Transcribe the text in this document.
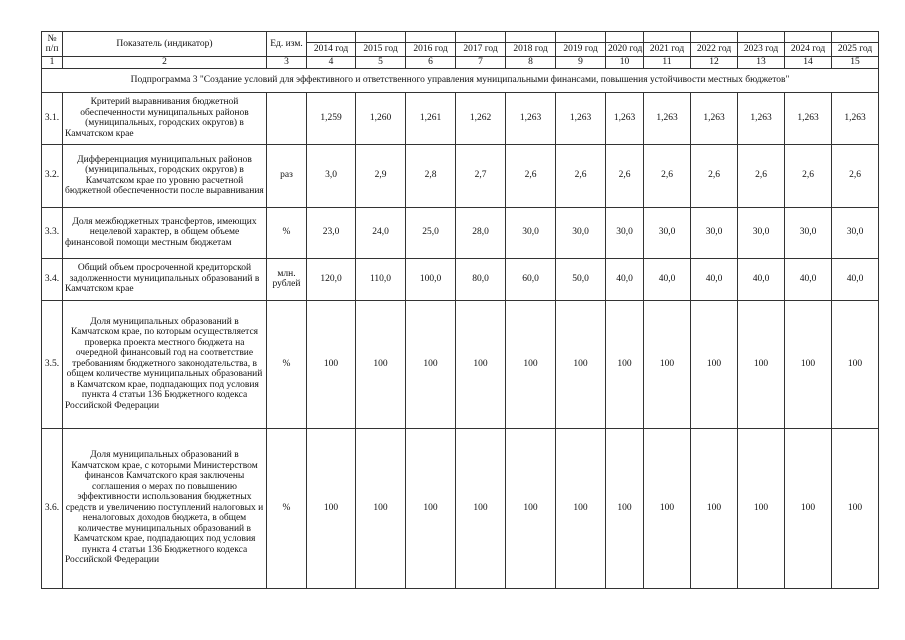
№ п/п	Показатель (индикатор)	Ед. изм.												
			2014 год	2015 год	2016 год	2017 год	2018 год	2019 год	2020 год	2021 год	2022 год	2023 год	2024 год	2025 год
1	2	3	4	5	6	7	8	9	10	11	12	13	14	15
Подпрограмма 3 "Создание условий для эффективного и ответственного управления муниципальными финансами, повышения устойчивости местных бюджетов"														
3.1.	Критерий выравнивания бюджетной обеспеченности муниципальных районов (муниципальных, городских округов) в Камчатском крае		1,259	1,260	1,261	1,262	1,263	1,263	1,263	1,263	1,263	1,263	1,263	1,263
3.2.	Дифференциация муниципальных районов (муниципальных, городских округов) в Камчатском крае по уровню расчетной бюджетной обеспеченности после выравнивания	раз	3,0	2,9	2,8	2,7	2,6	2,6	2,6	2,6	2,6	2,6	2,6	2,6
3.3.	Доля межбюджетных трансфертов, имеющих нецелевой характер, в общем объеме финансовой помощи местным бюджетам	%	23,0	24,0	25,0	28,0	30,0	30,0	30,0	30,0	30,0	30,0	30,0	30,0
3.4.	Общий объем просроченной кредиторской задолженности муниципальных образований в Камчатском крае	млн. рублей	120,0	110,0	100,0	80,0	60,0	50,0	40,0	40,0	40,0	40,0	40,0	40,0
3.5.	Доля муниципальных образований в Камчатском крае, по которым осуществляется проверка проекта местного бюджета на очередной финансовый год на соответствие требованиям бюджетного законодательства, в общем количестве муниципальных образований в Камчатском крае, подпадающих под условия пункта 4 статьи 136 Бюджетного кодекса Российской Федерации	%	100	100	100	100	100	100	100	100	100	100	100	100
3.6.	Доля муниципальных образований в Камчатском крае, с которыми Министерством финансов Камчатского края заключены соглашения о мерах по повышению эффективности использования бюджетных средств и увеличению поступлений налоговых и неналоговых доходов бюджета, в общем количестве муниципальных образований в Камчатском крае, подпадающих под условия пункта 4 статьи 136 Бюджетного кодекса Российской Федерации	%	100	100	100	100	100	100	100	100	100	100	100	100
